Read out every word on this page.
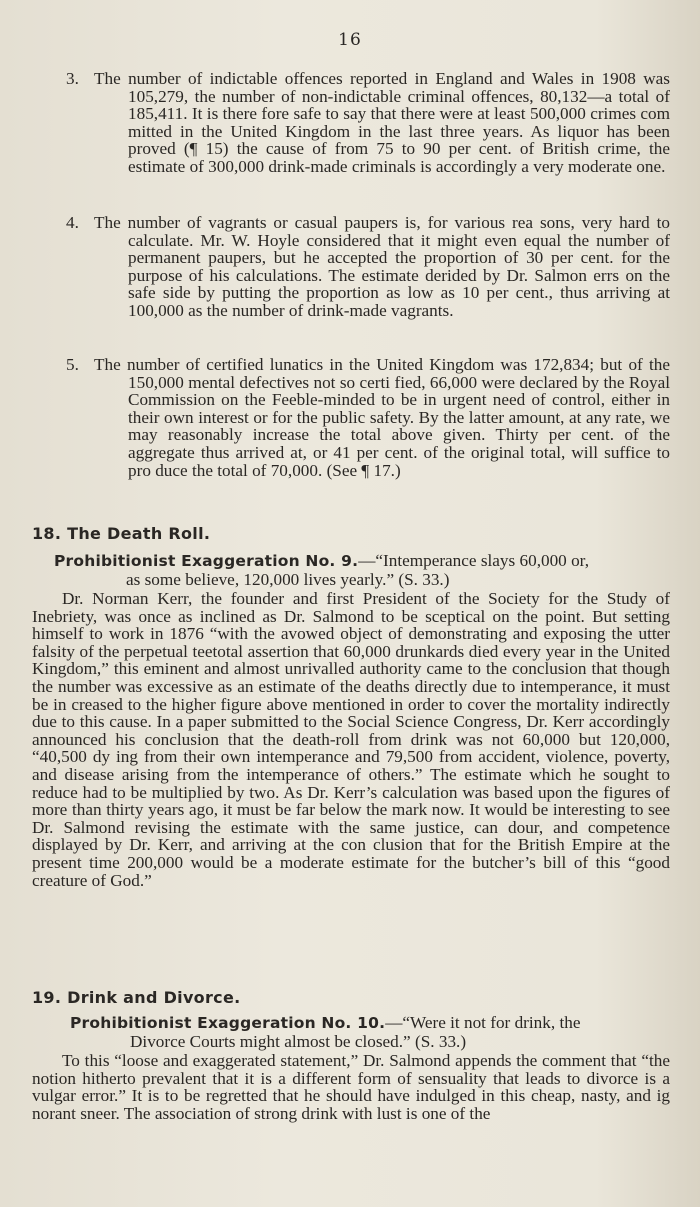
16
3. The number of indictable offences reported in England and Wales in 1908 was 105,279, the number of non-indictable criminal offences, 80,132—a total of 185,411. It is there fore safe to say that there were at least 500,000 crimes com mitted in the United Kingdom in the last three years. As liquor has been proved (¶ 15) the cause of from 75 to 90 per cent. of British crime, the estimate of 300,000 drink-made criminals is accordingly a very moderate one.
4. The number of vagrants or casual paupers is, for various rea sons, very hard to calculate. Mr. W. Hoyle considered that it might even equal the number of permanent paupers, but he accepted the proportion of 30 per cent. for the purpose of his calculations. The estimate derided by Dr. Salmon errs on the safe side by putting the proportion as low as 10 per cent., thus arriving at 100,000 as the number of drink-made vagrants.
5. The number of certified lunatics in the United Kingdom was 172,834; but of the 150,000 mental defectives not so certi fied, 66,000 were declared by the Royal Commission on the Feeble-minded to be in urgent need of control, either in their own interest or for the public safety. By the latter amount, at any rate, we may reasonably increase the total above given. Thirty per cent. of the aggregate thus arrived at, or 41 per cent. of the original total, will suffice to pro duce the total of 70,000. (See ¶ 17.)
18. The Death Roll.
Prohibitionist Exaggeration No. 9.—“Intemperance slays 60,000 or,
as some believe, 120,000 lives yearly.” (S. 33.)

Dr. Norman Kerr, the founder and first President of the Society for the Study of Inebriety, was once as inclined as Dr. Salmond to be sceptical on the point. But setting himself to work in 1876 “with the avowed object of demonstrating and exposing the utter falsity of the perpetual teetotal assertion that 60,000 drunkards died every year in the United Kingdom,” this eminent and almost unrivalled authority came to the conclusion that though the number was excessive as an estimate of the deaths directly due to intemperance, it must be in creased to the higher figure above mentioned in order to cover the mortality indirectly due to this cause. In a paper submitted to the Social Science Congress, Dr. Kerr accordingly announced his conclusion that the death-roll from drink was not 60,000 but 120,000, “40,500 dy ing from their own intemperance and 79,500 from accident, violence, poverty, and disease arising from the intemperance of others.” The estimate which he sought to reduce had to be multiplied by two. As Dr. Kerr’s calculation was based upon the figures of more than thirty years ago, it must be far below the mark now. It would be interesting to see Dr. Salmond revising the estimate with the same justice, can dour, and competence displayed by Dr. Kerr, and arriving at the con clusion that for the British Empire at the present time 200,000 would be a moderate estimate for the butcher’s bill of this “good creature of God.”

19. Drink and Divorce.
Prohibitionist Exaggeration No. 10.—“Were it not for drink, the
Divorce Courts might almost be closed.” (S. 33.)

To this “loose and exaggerated statement,” Dr. Salmond appends the comment that “the notion hitherto prevalent that it is a different form of sensuality that leads to divorce is a vulgar error.” It is to be regretted that he should have indulged in this cheap, nasty, and ig norant sneer. The association of strong drink with lust is one of the
